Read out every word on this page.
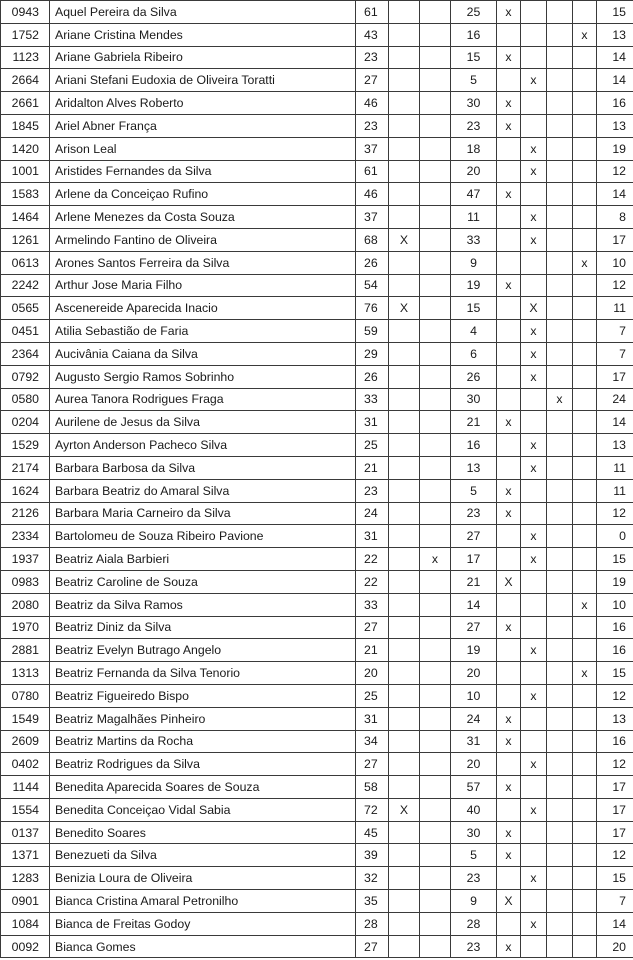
0943	Aquel Pereira da Silva	61			25	x				15
1752	Ariane Cristina Mendes	43			16				x	13
1123	Ariane Gabriela Ribeiro	23			15	x				14
2664	Ariani Stefani Eudoxia de Oliveira Toratti	27			5		x			14
2661	Aridalton Alves Roberto	46			30	x				16
1845	Ariel Abner França	23			23	x				13
1420	Arison Leal	37			18		x			19
1001	Aristides Fernandes da Silva	61			20		x			12
1583	Arlene da Conceiçao Rufino	46			47	x				14
1464	Arlene Menezes da Costa Souza	37			11		x			8
1261	Armelindo Fantino de Oliveira	68	X		33		x			17
0613	Arones Santos Ferreira da Silva	26			9				x	10
2242	Arthur Jose Maria Filho	54			19	x				12
0565	Ascenereide Aparecida Inacio	76	X		15		X			11
0451	Atilia Sebastião de Faria	59			4		x			7
2364	Aucivânia Caiana da Silva	29			6		x			7
0792	Augusto Sergio Ramos Sobrinho	26			26		x			17
0580	Aurea Tanora Rodrigues Fraga	33			30			x		24
0204	Aurilene de Jesus da Silva	31			21	x				14
1529	Ayrton Anderson Pacheco Silva	25			16		x			13
2174	Barbara Barbosa da Silva	21			13		x			11
1624	Barbara Beatriz do Amaral Silva	23			5	x				11
2126	Barbara Maria Carneiro da Silva	24			23	x				12
2334	Bartolomeu de Souza Ribeiro Pavione	31			27		x			0
1937	Beatriz Aiala Barbieri	22		x	17		x			15
0983	Beatriz Caroline de Souza	22			21	X				19
2080	Beatriz da Silva Ramos	33			14				x	10
1970	Beatriz Diniz da Silva	27			27	x				16
2881	Beatriz Evelyn Butrago Angelo	21			19		x			16
1313	Beatriz Fernanda da Silva Tenorio	20			20				x	15
0780	Beatriz Figueiredo Bispo	25			10		x			12
1549	Beatriz Magalhães Pinheiro	31			24	x				13
2609	Beatriz Martins da Rocha	34			31	x				16
0402	Beatriz Rodrigues da Silva	27			20		x			12
1144	Benedita Aparecida Soares de Souza	58			57	x				17
1554	Benedita Conceiçao Vidal Sabia	72	X		40		x			17
0137	Benedito Soares	45			30	x				17
1371	Benezueti da Silva	39			5	x				12
1283	Benizia Loura de Oliveira	32			23		x			15
0901	Bianca Cristina Amaral Petronilho	35			9	X				7
1084	Bianca de Freitas Godoy	28			28		x			14
0092	Bianca Gomes	27			23	x				20
